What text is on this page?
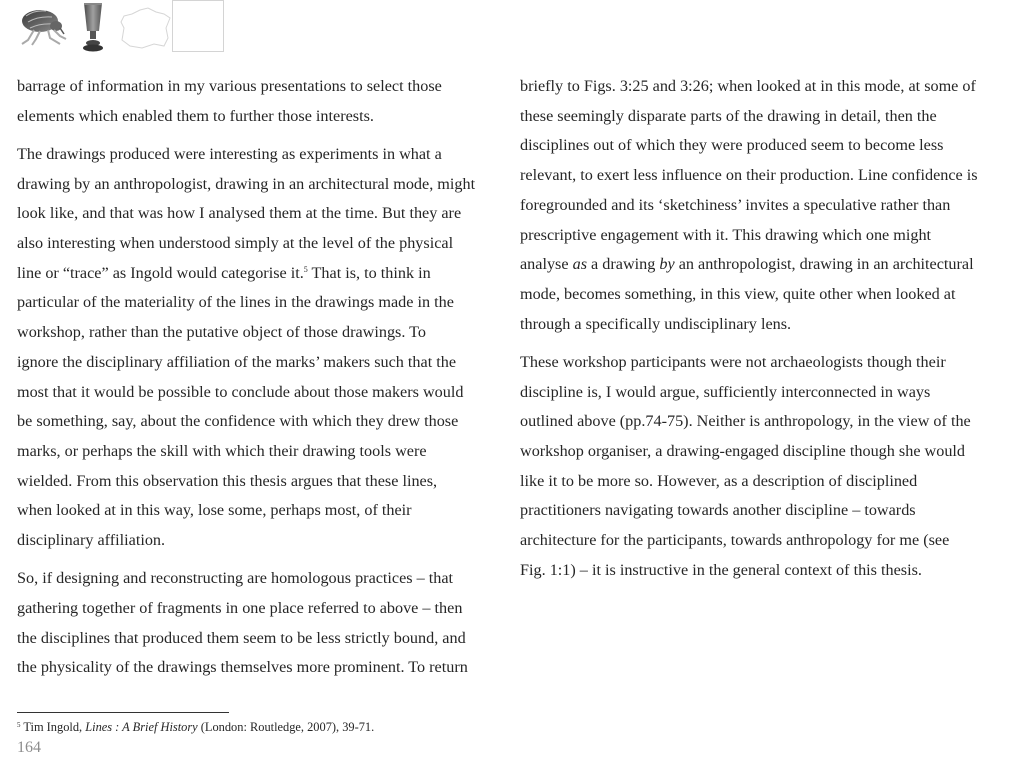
barrage of information in my various presentations to select those
elements which enabled them to further those interests.

The drawings produced were interesting as experiments in what a
drawing by an anthropologist, drawing in an architectural mode, might
look like, and that was how I analysed them at the time. But they are
also interesting when understood simply at the level of the physical
line or “trace” as Ingold would categorise it.$^5$ That is, to think in
particular of the materiality of the lines in the drawings made in the
workshop, rather than the putative object of those drawings. To
ignore the disciplinary affiliation of the marks’ makers such that the
most that it would be possible to conclude about those makers would
be something, say, about the confidence with which they drew those
marks, or perhaps the skill with which their drawing tools were
wielded. From this observation this thesis argues that these lines,
when looked at in this way, lose some, perhaps most, of their
disciplinary affiliation.

So, if designing and reconstructing are homologous practices – that
gathering together of fragments in one place referred to above – then
the disciplines that produced them seem to be less strictly bound, and
the physicality of the drawings themselves more prominent. To return

briefly to Figs. 3:25 and 3:26; when looked at in this mode, at some of
these seemingly disparate parts of the drawing in detail, then the
disciplines out of which they were produced seem to become less
relevant, to exert less influence on their production. Line confidence is
foregrounded and its ‘sketchiness’ invites a speculative rather than
prescriptive engagement with it. This drawing which one might
analyse as a drawing by an anthropologist, drawing in an architectural
mode, becomes something, in this view, quite other when looked at
through a specifically undisciplinary lens.

These workshop participants were not archaeologists though their
discipline is, I would argue, sufficiently interconnected in ways
outlined above (pp.74-75). Neither is anthropology, in the view of the
workshop organiser, a drawing-engaged discipline though she would
like it to be more so. However, as a description of disciplined
practitioners navigating towards another discipline – towards
architecture for the participants, towards anthropology for me (see
Fig. 1:1) – it is instructive in the general context of this thesis.

$^5$ Tim Ingold, Lines : A Brief History (London: Routledge, 2007), 39-71.
164
